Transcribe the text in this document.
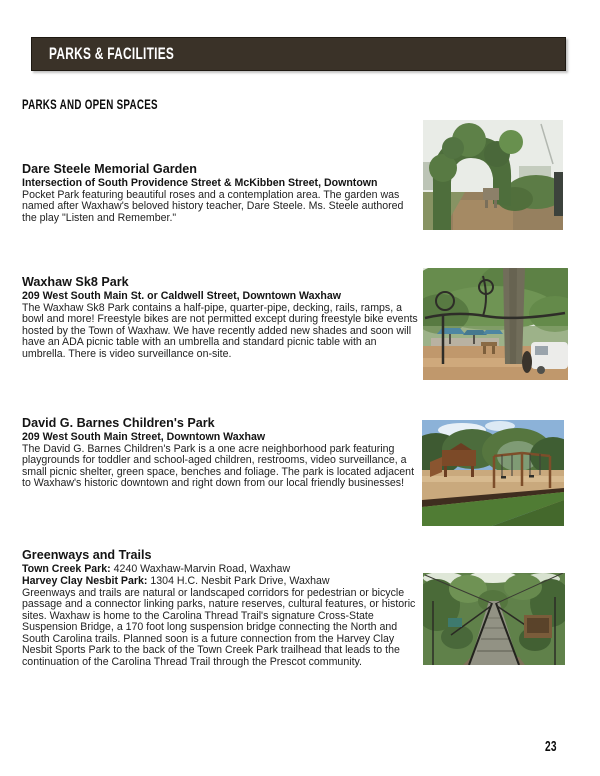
PARKS & FACILITIES
PARKS AND OPEN SPACES
Dare Steele Memorial Garden
Intersection of South Providence Street & McKibben Street, Downtown
Pocket Park featuring beautiful roses and a contemplation area. The garden was named after Waxhaw's beloved history teacher, Dare Steele. Ms. Steele authored the play "Listen and Remember."
Waxhaw Sk8 Park
209 West South Main St. or Caldwell Street, Downtown Waxhaw
The Waxhaw Sk8 Park contains a half-pipe, quarter-pipe, decking, rails, ramps, a bowl and more! Freestyle bikes are not permitted except during freestyle bike events hosted by the Town of Waxhaw. We have recently added new shades and soon will have an ADA picnic table with an umbrella and standard picnic table with an umbrella. There is video surveillance on-site.
David G. Barnes Children's Park
209 West South Main Street, Downtown Waxhaw
The David G. Barnes Children's Park is a one acre neighborhood park featuring playgrounds for toddler and school-aged children, restrooms, video surveillance, a small picnic shelter, green space, benches and foliage. The park is located adjacent to Waxhaw's historic downtown and right down from our local friendly businesses!
Greenways and Trails
Town Creek Park: 4240 Waxhaw-Marvin Road, Waxhaw
Harvey Clay Nesbit Park: 1304 H.C. Nesbit Park Drive, Waxhaw
Greenways and trails are natural or landscaped corridors for pedestrian or bicycle passage and a connector linking parks, nature reserves, cultural features, or historic sites. Waxhaw is home to the Carolina Thread Trail's signature Cross-State Suspension Bridge, a 170 foot long suspension bridge connecting the North and South Carolina trails. Planned soon is a future connection from the Harvey Clay Nesbit Sports Park to the back of the Town Creek Park trailhead that leads to the continuation of the Carolina Thread Trail through the Prescot community.
23
